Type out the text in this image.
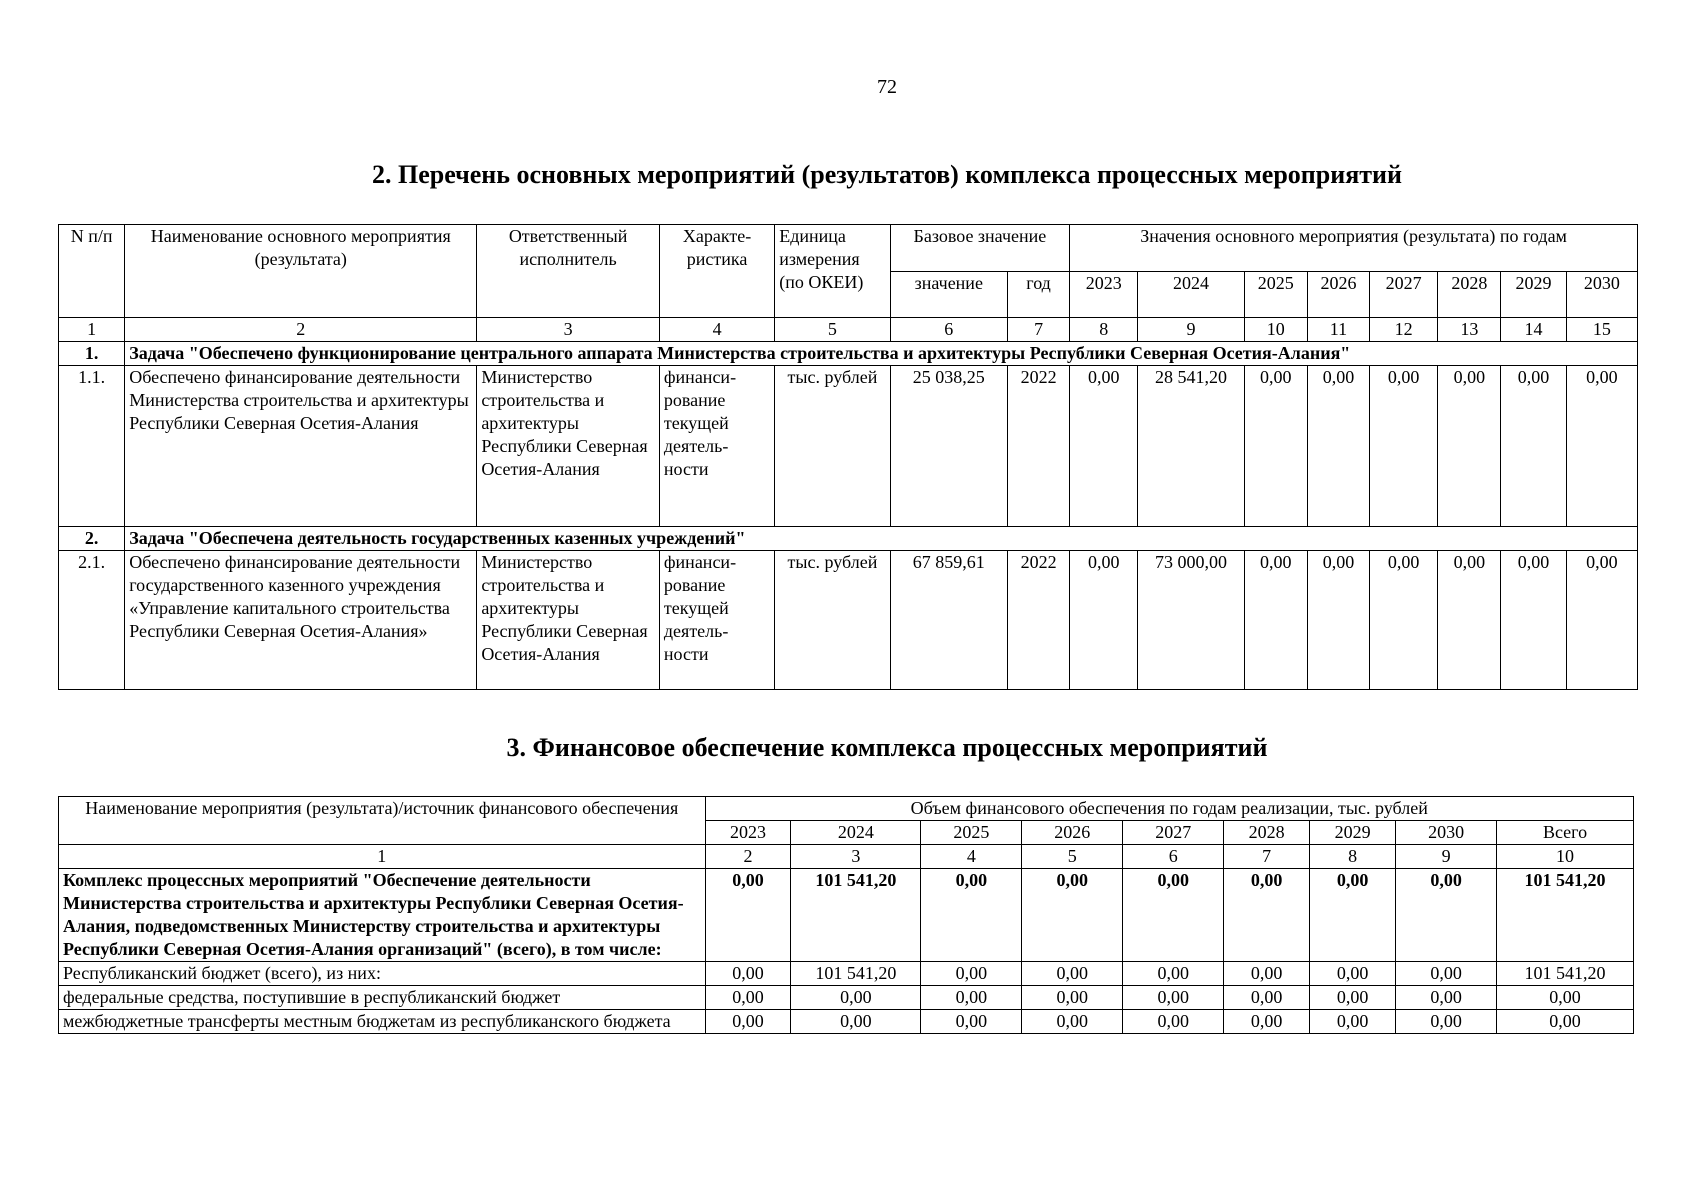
72
2. Перечень основных мероприятий (результатов) комплекса процессных мероприятий
N п/п	Наименование основного мероприятия (результата)	Ответственный исполнитель	Характе-ристика	Единица измерения (по ОКЕИ)	Базовое значение		Значения основного мероприятия (результата) по годам							
					значение	год	2023	2024	2025	2026	2027	2028	2029	2030
1	2	3	4	5	6	7	8	9	10	11	12	13	14	15
1.	Задача "Обеспечено функционирование центрального аппарата Министерства строительства и архитектуры Республики Северная Осетия-Алания"													
1.1.	Обеспечено финансирование деятельности Министерства строительства и архитектуры Республики Северная Осетия-Алания	Министерство строительства и архитектуры Республики Северная Осетия-Алания	финанси-рование текущей деятель-ности	тыс. рублей	25 038,25	2022	0,00	28 541,20	0,00	0,00	0,00	0,00	0,00	0,00
2.	Задача "Обеспечена деятельность государственных казенных учреждений"													
2.1.	Обеспечено финансирование деятельности государственного казенного учреждения «Управление капитального строительства Республики Северная Осетия-Алания»	Министерство строительства и архитектуры Республики Северная Осетия-Алания	финанси-рование текущей деятель-ности	тыс. рублей	67 859,61	2022	0,00	73 000,00	0,00	0,00	0,00	0,00	0,00	0,00
3. Финансовое обеспечение комплекса процессных мероприятий
Наименование мероприятия (результата)/источник финансового обеспечения	Объем финансового обеспечения по годам реализации, тыс. рублей								
	2023	2024	2025	2026	2027	2028	2029	2030	Всего
1	2	3	4	5	6	7	8	9	10
Комплекс процессных мероприятий "Обеспечение деятельности Министерства строительства и архитектуры Республики Северная Осетия-Алания, подведомственных Министерству строительства и архитектуры Республики Северная Осетия-Алания организаций" (всего), в том числе:	0,00	101 541,20	0,00	0,00	0,00	0,00	0,00	0,00	101 541,20
Республиканский бюджет (всего), из них:	0,00	101 541,20	0,00	0,00	0,00	0,00	0,00	0,00	101 541,20
федеральные средства, поступившие в республиканский бюджет	0,00	0,00	0,00	0,00	0,00	0,00	0,00	0,00	0,00
межбюджетные трансферты местным бюджетам из республиканского бюджета	0,00	0,00	0,00	0,00	0,00	0,00	0,00	0,00	0,00
